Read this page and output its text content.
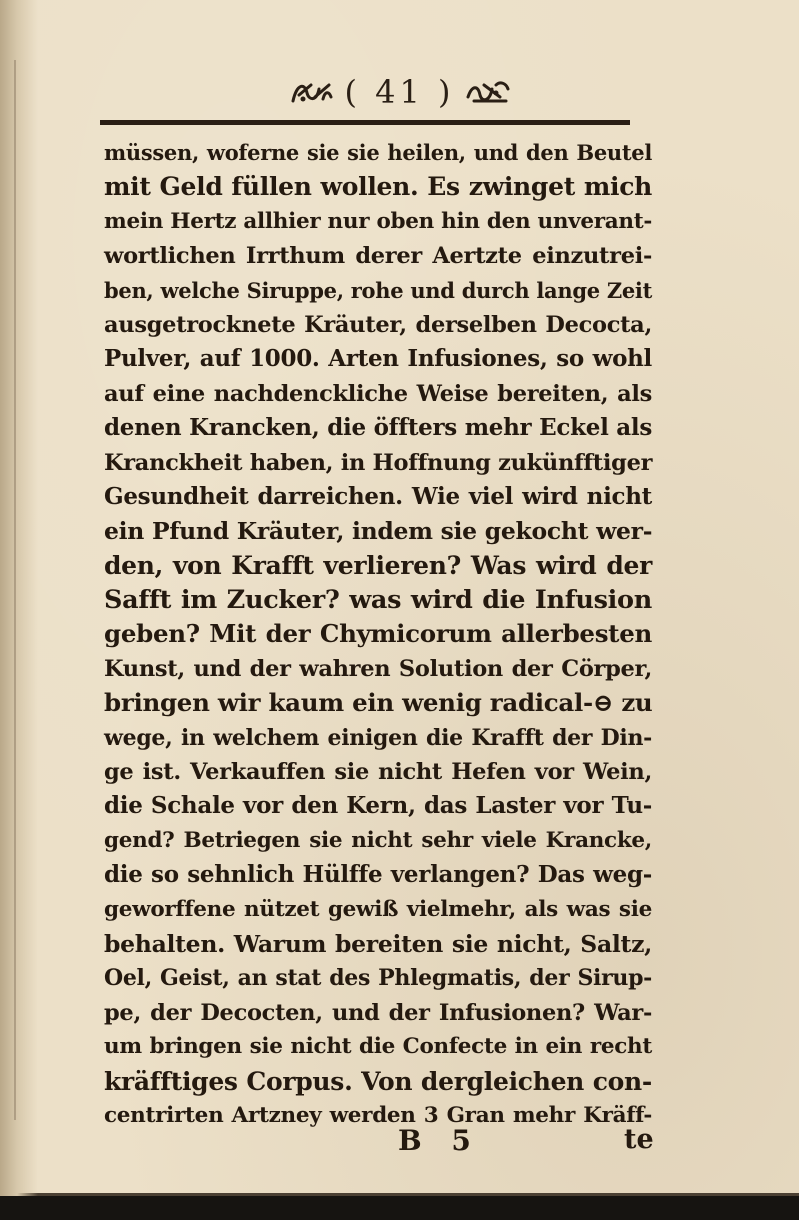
( 41 )
müssen, woferne sie sie heilen, und den Beutel
mit Geld füllen wollen. Es zwinget mich
mein Hertz allhier nur oben hin den unverant-
wortlichen Irrthum derer Aertzte einzutrei-
ben, welche Siruppe, rohe und durch lange Zeit
ausgetrocknete Kräuter, derselben Decocta,
Pulver, auf 1000. Arten Infusiones, so wohl
auf eine nachdenckliche Weise bereiten, als
denen Krancken, die öffters mehr Eckel als
Kranckheit haben, in Hoffnung zukünfftiger
Gesundheit darreichen. Wie viel wird nicht
ein Pfund Kräuter, indem sie gekocht wer-
den, von Krafft verlieren? Was wird der
Safft im Zucker? was wird die Infusion
geben? Mit der Chymicorum allerbesten
Kunst, und der wahren Solution der Cörper,
bringen wir kaum ein wenig radical-⊖ zu
wege, in welchem einigen die Krafft der Din-
ge ist. Verkauffen sie nicht Hefen vor Wein,
die Schale vor den Kern, das Laster vor Tu-
gend? Betriegen sie nicht sehr viele Krancke,
die so sehnlich Hülffe verlangen? Das weg-
geworffene nützet gewiß vielmehr, als was sie
behalten. Warum bereiten sie nicht, Saltz,
Oel, Geist, an stat des Phlegmatis, der Sirup-
pe, der Decocten, und der Infusionen? War-
um bringen sie nicht die Confecte in ein recht
kräfftiges Corpus. Von dergleichen con-
centrirten Artzney werden 3 Gran mehr Kräff-
B 5	te
